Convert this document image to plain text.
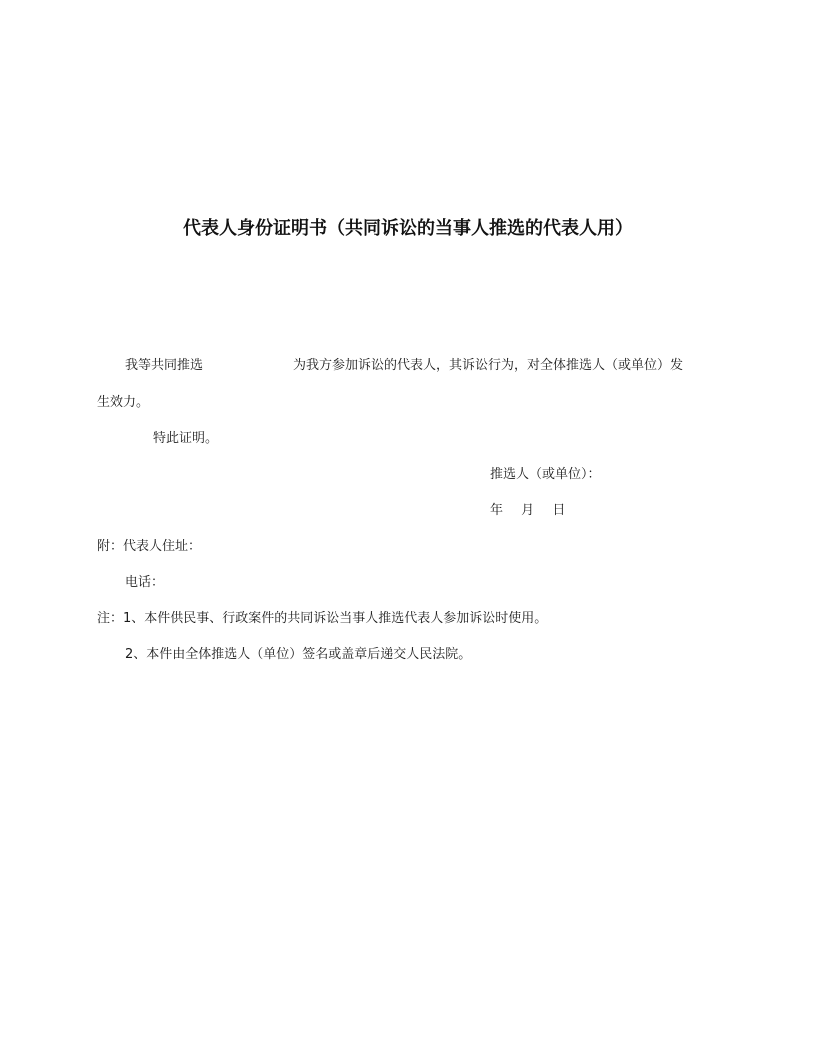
代表人身份证明书（共同诉讼的当事人推选的代表人用）
我等共同推选	为我方参加诉讼的代表人，其诉讼行为，对全体推选人（或单位）发
生效力。
特此证明。
推选人（或单位）：
年 月 日
附：代表人住址：
电话：
注：1、本件供民事、行政案件的共同诉讼当事人推选代表人参加诉讼时使用。
2、本件由全体推选人（单位）签名或盖章后递交人民法院。
